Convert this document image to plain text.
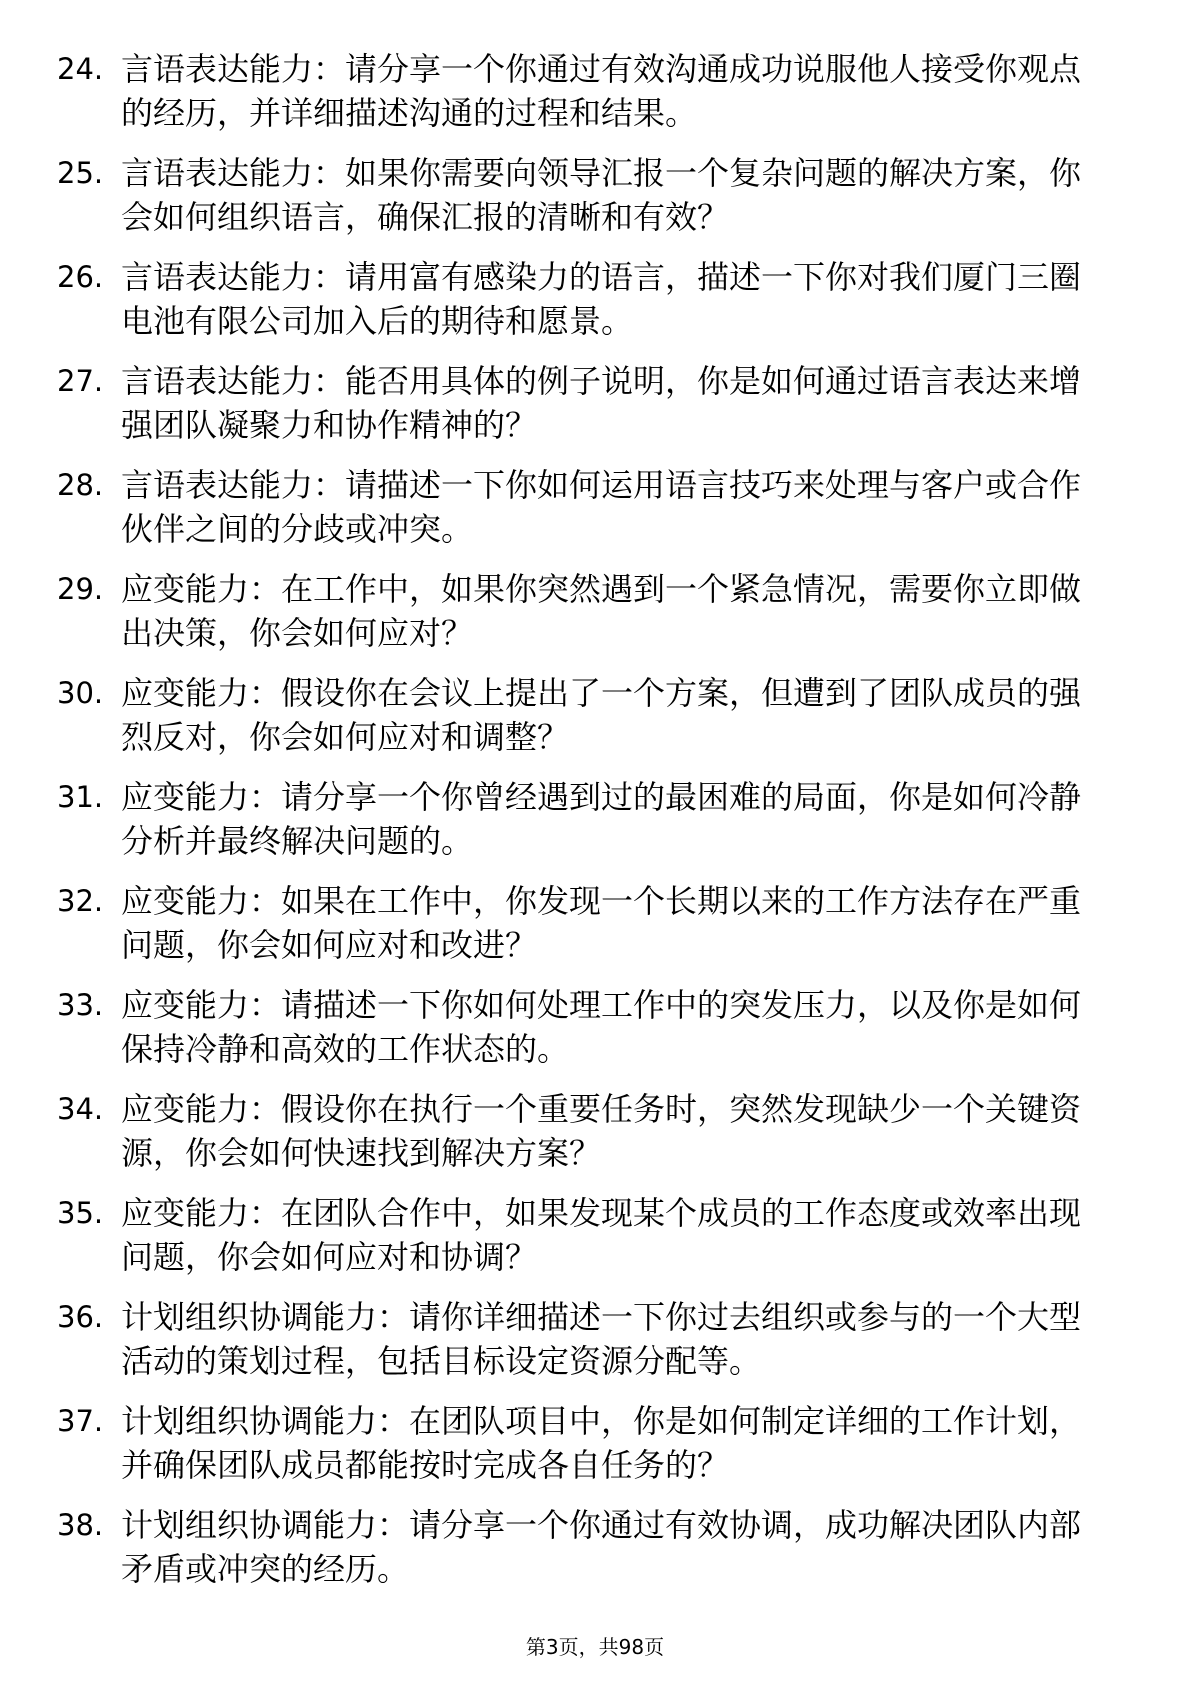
24. 言语表达能力：请分享一个你通过有效沟通成功说服他人接受你观点的经历，并详细描述沟通的过程和结果。
25. 言语表达能力：如果你需要向领导汇报一个复杂问题的解决方案，你会如何组织语言，确保汇报的清晰和有效？
26. 言语表达能力：请用富有感染力的语言，描述一下你对我们厦门三圈电池有限公司加入后的期待和愿景。
27. 言语表达能力：能否用具体的例子说明，你是如何通过语言表达来增强团队凝聚力和协作精神的？
28. 言语表达能力：请描述一下你如何运用语言技巧来处理与客户或合作伙伴之间的分歧或冲突。
29. 应变能力：在工作中，如果你突然遇到一个紧急情况，需要你立即做出决策，你会如何应对？
30. 应变能力：假设你在会议上提出了一个方案，但遭到了团队成员的强烈反对，你会如何应对和调整？
31. 应变能力：请分享一个你曾经遇到过的最困难的局面，你是如何冷静分析并最终解决问题的。
32. 应变能力：如果在工作中，你发现一个长期以来的工作方法存在严重问题，你会如何应对和改进？
33. 应变能力：请描述一下你如何处理工作中的突发压力，以及你是如何保持冷静和高效的工作状态的。
34. 应变能力：假设你在执行一个重要任务时，突然发现缺少一个关键资源，你会如何快速找到解决方案？
35. 应变能力：在团队合作中，如果发现某个成员的工作态度或效率出现问题，你会如何应对和协调？
36. 计划组织协调能力：请你详细描述一下你过去组织或参与的一个大型活动的策划过程，包括目标设定资源分配等。
37. 计划组织协调能力：在团队项目中，你是如何制定详细的工作计划，并确保团队成员都能按时完成各自任务的？
38. 计划组织协调能力：请分享一个你通过有效协调，成功解决团队内部矛盾或冲突的经历。
第3页，共98页
